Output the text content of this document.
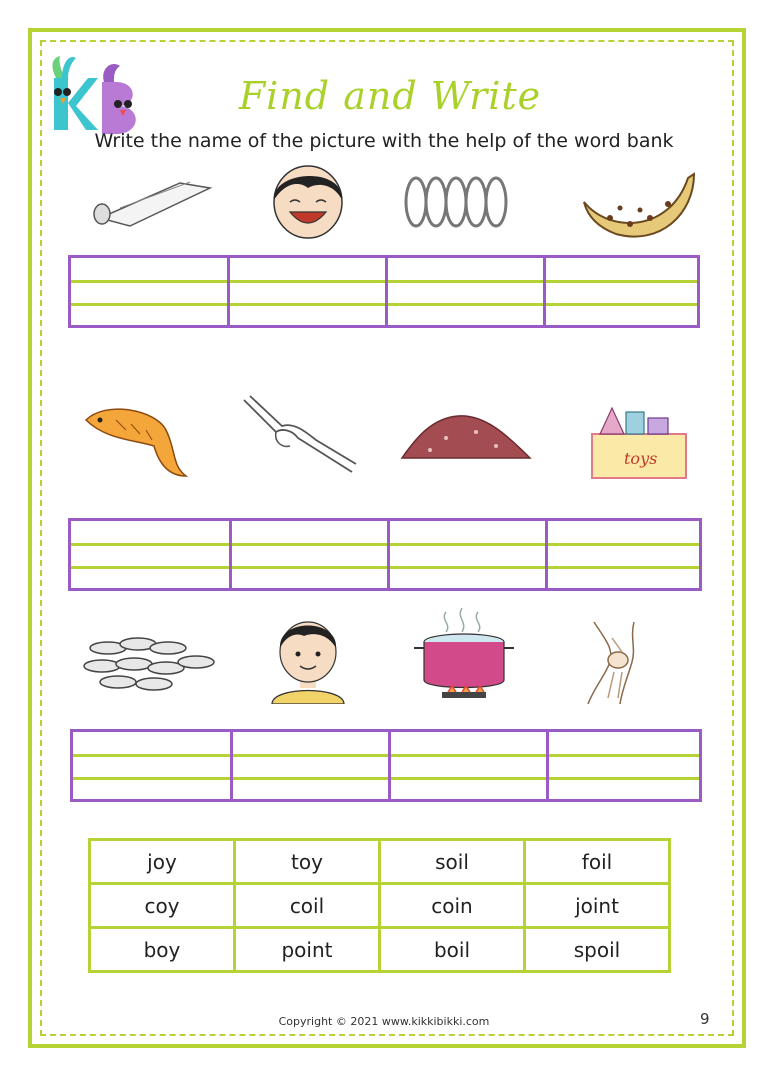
Find and Write
Write the name of the picture with the help of the word bank
toys
joy	toy	soil	foil
coy	coil	coin	joint
boy	point	boil	spoil
Copyright © 2021 www.kikkibikki.com	9
